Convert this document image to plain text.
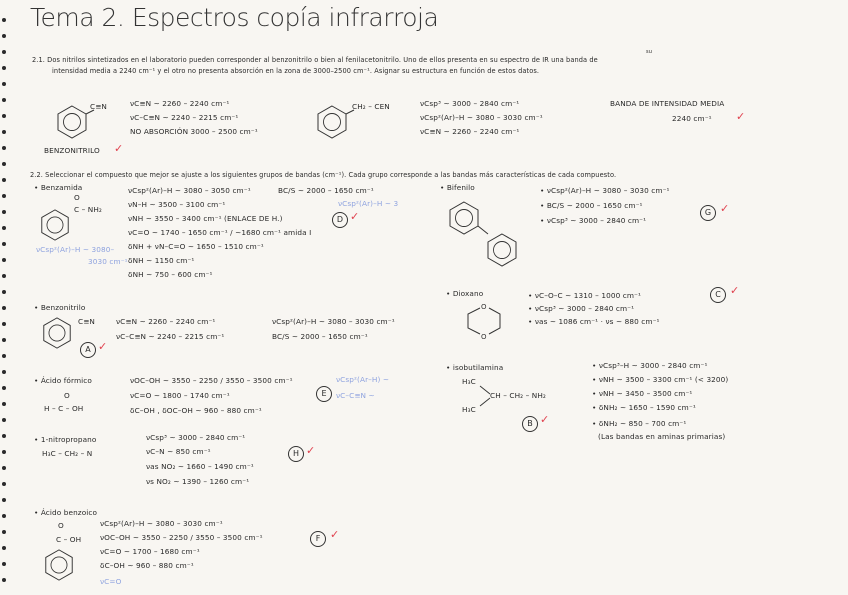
Tema 2. Espectros copía infrarroja
2.1. Dos nitrilos sintetizados en el laboratorio pueden corresponder al benzonitrilo o bien al fenilacetonitrilo. Uno de ellos presenta en su espectro de IR una banda de
intensidad media a 2240 cm⁻¹ y el otro no presenta absorción en la zona de 3000–2500 cm⁻¹. Asignar su estructura en función de estos datos.
su
C≡N	νC≡N ~ 2260 – 2240 cm⁻¹
νC–C≡N ~ 2240 – 2215 cm⁻¹
NO ABSORCIÓN 3000 – 2500 cm⁻¹
BENZONITRILO ✓
CH₂ – CEN	νCsp³ ~ 3000 – 2840 cm⁻¹
νCsp²(Ar)–H ~ 3080 – 3030 cm⁻¹
νC≡N ~ 2260 – 2240 cm⁻¹
BANDA DE INTENSIDAD MEDIA
2240 cm⁻¹ ✓
2.2. Seleccionar el compuesto que mejor se ajuste a los siguientes grupos de bandas (cm⁻¹). Cada grupo corresponde a las bandas más características de cada compuesto.
• Benzamida
O
C – NH₂
νCsp²(Ar)–H ~ 3080–
3030 cm⁻¹
νCsp²(Ar)–H ~ 3080 – 3050 cm⁻¹
νN–H ~ 3500 – 3100 cm⁻¹
νNH ~ 3550 – 3400 cm⁻¹ (ENLACE DE H.)
νC=O ~ 1740 – 1650 cm⁻¹ / ~1680 cm⁻¹ amida I
δNH + νN–C=O ~ 1650 – 1510 cm⁻¹
δNH ~ 1150 cm⁻¹
δNH ~ 750 – 600 cm⁻¹
BC/S ~ 2000 – 1650 cm⁻¹
νCsp²(Ar)–H ~ 3
D ✓
• Bifenilo	• νCsp²(Ar)–H ~ 3080 – 3030 cm⁻¹
• BC/S ~ 2000 – 1650 cm⁻¹
• νCsp³ ~ 3000 – 2840 cm⁻¹
G ✓
• Benzonitrilo
C≡N	νC≡N ~ 2260 – 2240 cm⁻¹
νC–C≡N ~ 2240 – 2215 cm⁻¹
νCsp²(Ar)–H ~ 3080 – 3030 cm⁻¹
BC/S ~ 2000 – 1650 cm⁻¹
A ✓
• Dioxano
O
O
• νC–O–C ~ 1310 – 1000 cm⁻¹
• νCsp³ ~ 3000 – 2840 cm⁻¹
• νas ~ 1086 cm⁻¹ · νs ~ 880 cm⁻¹
C ✓
• Ácido fórmico
O
H – C – OH
νOC–OH ~ 3550 – 2250 / 3550 – 3500 cm⁻¹
νC=O ~ 1800 – 1740 cm⁻¹
δC–OH , δOC–OH ~ 960 – 880 cm⁻¹
E
νCsp²(Ar–H) ~
νC–C≡N ~
• isobutilamina
H₃C
CH – CH₂ – NH₂
H₃C
B ✓
• νCsp³–H ~ 3000 – 2840 cm⁻¹
• νNH ~ 3500 – 3300 cm⁻¹ (< 3200)
• νNH ~ 3450 – 3500 cm⁻¹
• δNH₂ ~ 1650 – 1590 cm⁻¹
• δNH₂ ~ 850 – 700 cm⁻¹
(Las bandas en aminas primarias)
• 1-nitropropano
H₃C – CH₂ – N
νCsp³ ~ 3000 – 2840 cm⁻¹
νC–N ~ 850 cm⁻¹
νas NO₂ ~ 1660 – 1490 cm⁻¹
νs NO₂ ~ 1390 – 1260 cm⁻¹
H ✓
• Ácido benzoico
O
C – OH
νCsp²(Ar)–H ~ 3080 – 3030 cm⁻¹
νOC–OH ~ 3550 – 2250 / 3550 – 3500 cm⁻¹
νC=O ~ 1700 – 1680 cm⁻¹
δC–OH ~ 960 – 880 cm⁻¹
νC=O
F ✓
